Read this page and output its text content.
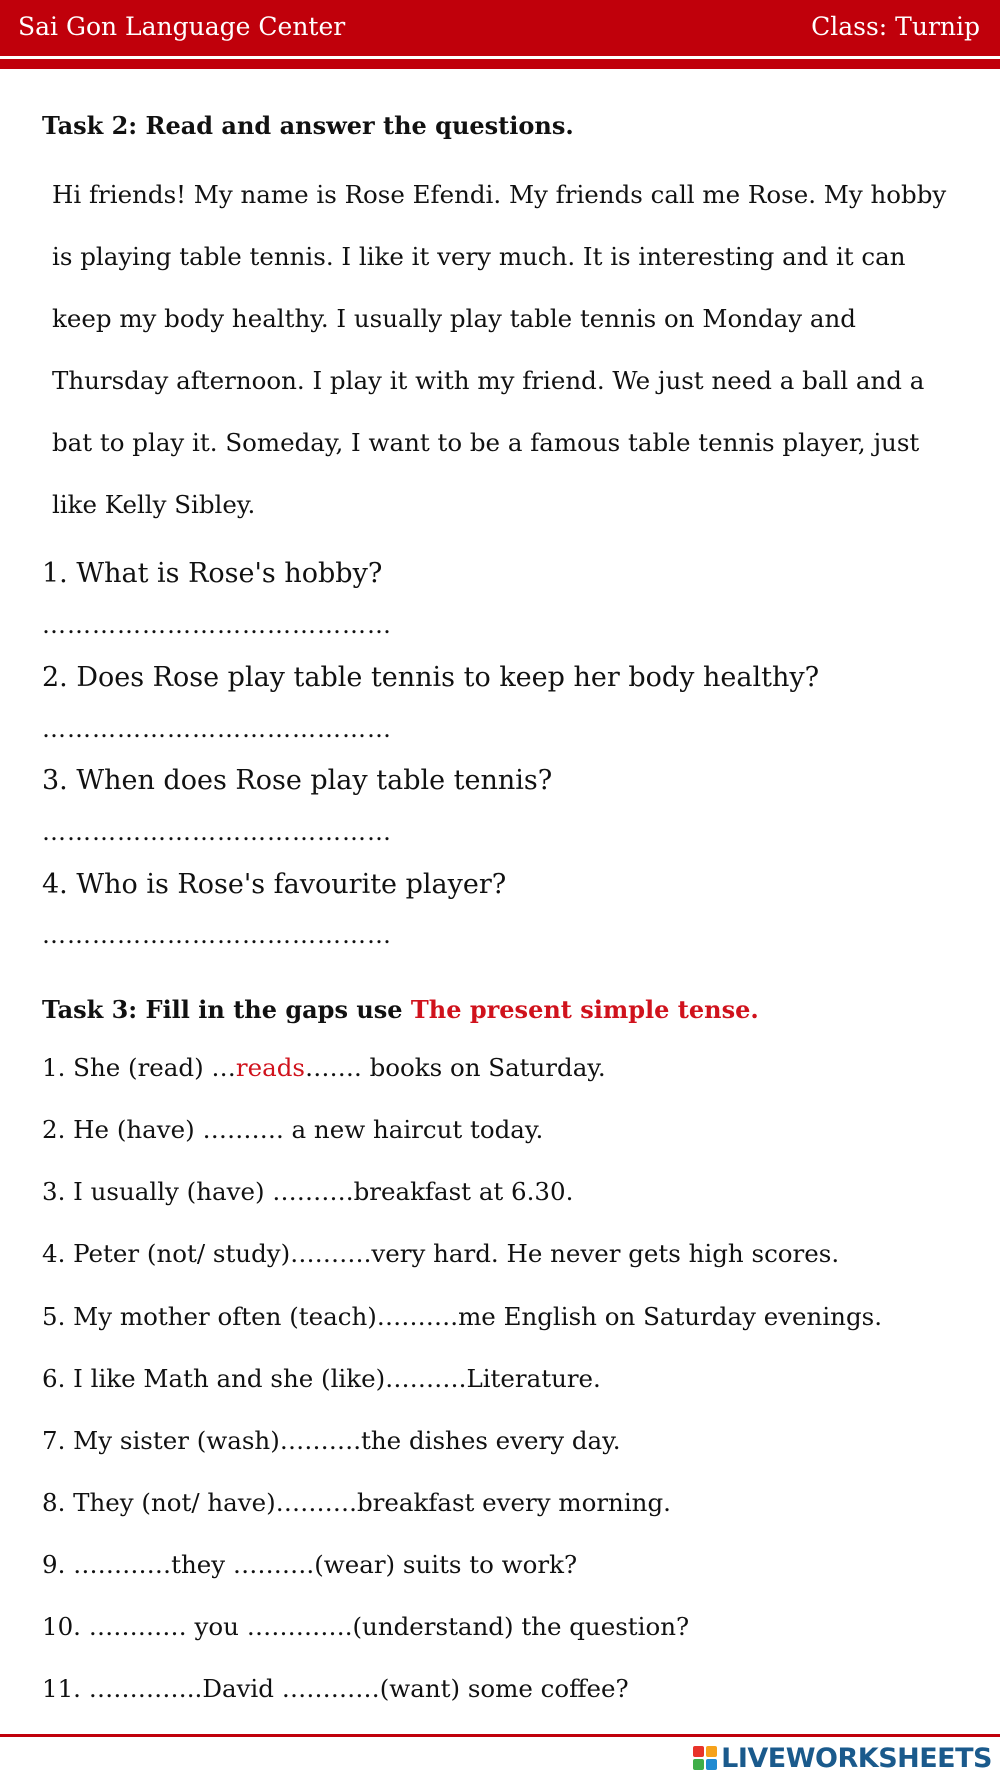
Sai Gon Language Center	Class: Turnip
Task 2: Read and answer the questions.
Hi friends! My name is Rose Efendi. My friends call me Rose. My hobby
is playing table tennis. I like it very much. It is interesting and it can
keep my body healthy. I usually play table tennis on Monday and
Thursday afternoon. I play it with my friend. We just need a ball and a
bat to play it. Someday, I want to be a famous table tennis player, just
like Kelly Sibley.
1. What is Rose's hobby?
……………………………………
2. Does Rose play table tennis to keep her body healthy?
……………………………………
3. When does Rose play table tennis?
……………………………………
4. Who is Rose's favourite player?
……………………………………
Task 3: Fill in the gaps use The present simple tense.
1. She (read) …reads……. books on Saturday.
2. He (have) ………. a new haircut today.
3. I usually (have) ……….breakfast at 6.30.
4. Peter (not/ study)……….very hard. He never gets high scores.
5. My mother often (teach)……….me English on Saturday evenings.
6. I like Math and she (like)……….Literature.
7. My sister (wash)……….the dishes every day.
8. They (not/ have)……….breakfast every morning.
9. …………they ……….(wear) suits to work?
10. ………… you ………….(understand) the question?
11. …………..David …………(want) some coffee?
LIVEWORKSHEETS
